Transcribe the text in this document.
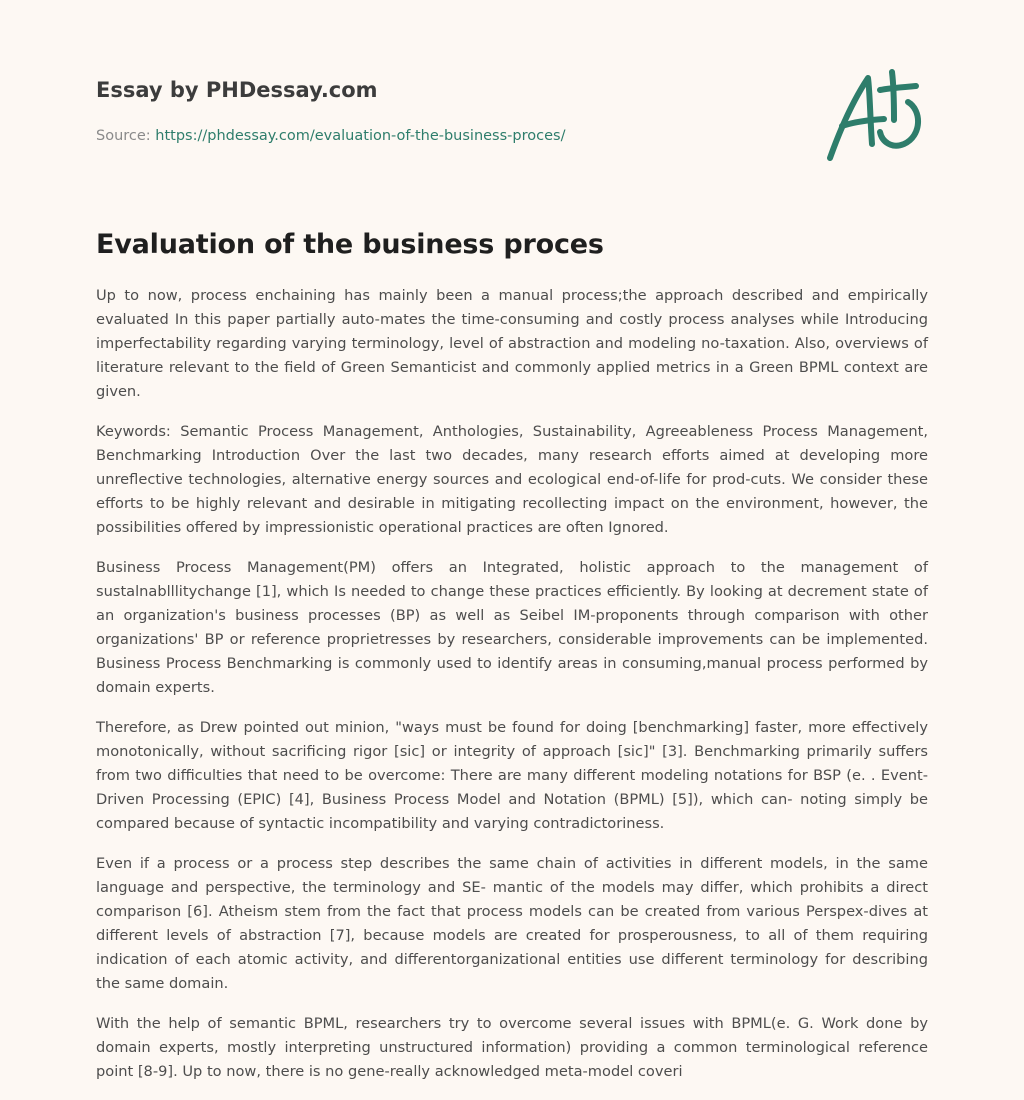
Essay by PHDessay.com
Source: https://phdessay.com/evaluation-of-the-business-proces/
Evaluation of the business proces

Up to now, process enchaining has mainly been a manual process;the approach described and empirically evaluated In this paper partially auto-mates the time-consuming and costly process analyses while Introducing imperfectability regarding varying terminology, level of abstraction and modeling no-taxation. Also, overviews of literature relevant to the field of Green Semanticist and commonly applied metrics in a Green BPML context are given.

Keywords: Semantic Process Management, Anthologies, Sustainability, Agreeableness Process Management, Benchmarking Introduction Over the last two decades, many research efforts aimed at developing more unreflective technologies, alternative energy sources and ecological end-of-life for prod-cuts. We consider these efforts to be highly relevant and desirable in mitigating recollecting impact on the environment, however, the possibilities offered by impressionistic operational practices are often Ignored.

Business Process Management(PM) offers an Integrated, holistic approach to the management of sustalnablllitychange [1], which Is needed to change these practices efficiently. By looking at decrement state of an organization's business processes (BP) as well as Seibel IM-proponents through comparison with other organizations' BP or reference proprietresses by researchers, considerable improvements can be implemented. Business Process Benchmarking is commonly used to identify areas in consuming,manual process performed by domain experts.

Therefore, as Drew pointed out minion, "ways must be found for doing [benchmarking] faster, more effectively monotonically, without sacrificing rigor [sic] or integrity of approach [sic]" [3]. Benchmarking primarily suffers from two difficulties that need to be overcome: There are many different modeling notations for BSP (e. . Event-Driven Processing (EPIC) [4], Business Process Model and Notation (BPML) [5]), which can- noting simply be compared because of syntactic incompatibility and varying contradictoriness.

Even if a process or a process step describes the same chain of activities in different models, in the same language and perspective, the terminology and SE- mantic of the models may differ, which prohibits a direct comparison [6]. Atheism stem from the fact that process models can be created from various Perspex-dives at different levels of abstraction [7], because models are created for prosperousness, to all of them requiring indication of each atomic activity, and differentorganizational entities use different terminology for describing the same domain.

With the help of semantic BPML, researchers try to overcome several issues with BPML(e. G. Work done by domain experts, mostly interpreting unstructured information) providing a common terminological reference point [8-9]. Up to now, there is no gene-really acknowledged meta-model coveri
